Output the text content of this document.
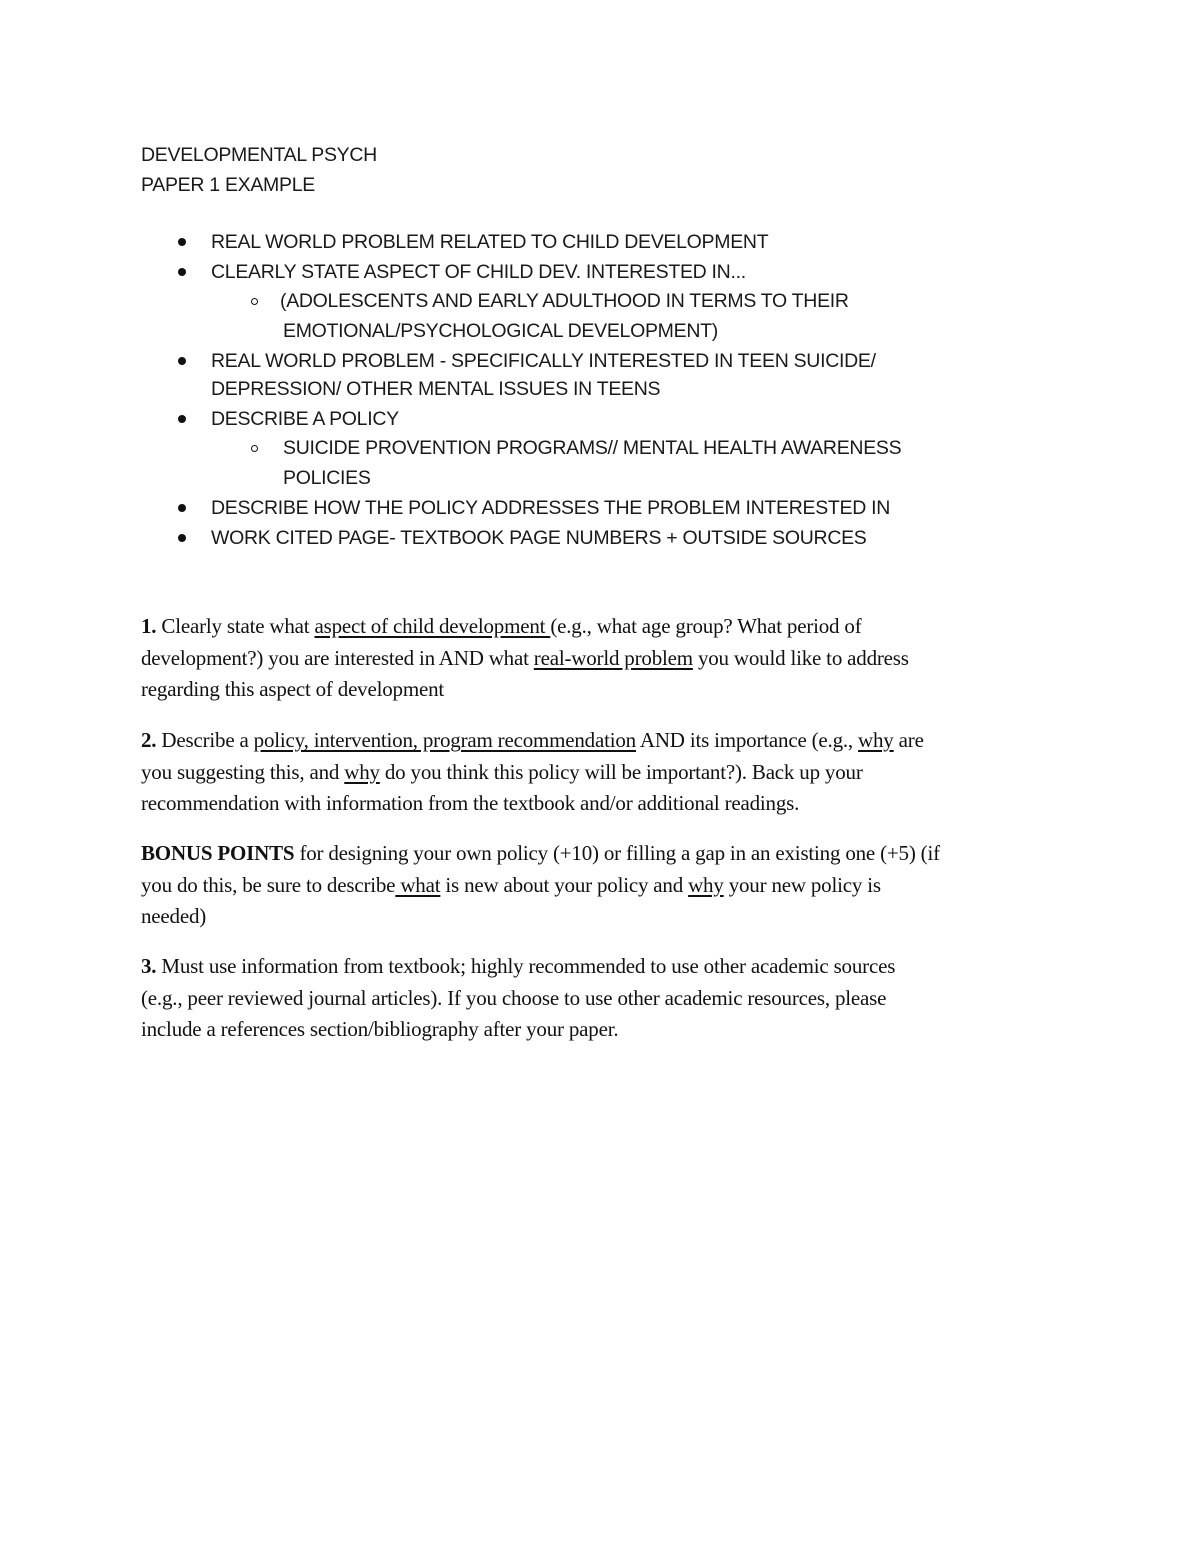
DEVELOPMENTAL PSYCH
PAPER 1 EXAMPLE
REAL WORLD PROBLEM RELATED TO CHILD DEVELOPMENT
CLEARLY STATE ASPECT OF CHILD DEV. INTERESTED IN...
(ADOLESCENTS AND EARLY ADULTHOOD IN TERMS TO THEIR
EMOTIONAL/PSYCHOLOGICAL DEVELOPMENT)
REAL WORLD PROBLEM - SPECIFICALLY INTERESTED IN TEEN SUICIDE/
DEPRESSION/ OTHER MENTAL ISSUES IN TEENS
DESCRIBE A POLICY
SUICIDE PROVENTION PROGRAMS// MENTAL HEALTH AWARENESS
POLICIES
DESCRIBE HOW THE POLICY ADDRESSES THE PROBLEM INTERESTED IN
WORK CITED PAGE- TEXTBOOK PAGE NUMBERS + OUTSIDE SOURCES
1. Clearly state what aspect of child development (e.g., what age group? What period of
development?) you are interested in AND what real-world problem you would like to address
regarding this aspect of development
2. Describe a policy, intervention, program recommendation AND its importance (e.g., why are
you suggesting this, and why do you think this policy will be important?). Back up your
recommendation with information from the textbook and/or additional readings.
BONUS POINTS for designing your own policy (+10) or filling a gap in an existing one (+5) (if
you do this, be sure to describe what is new about your policy and why your new policy is
needed)
3. Must use information from textbook; highly recommended to use other academic sources
(e.g., peer reviewed journal articles). If you choose to use other academic resources, please
include a references section/bibliography after your paper.
